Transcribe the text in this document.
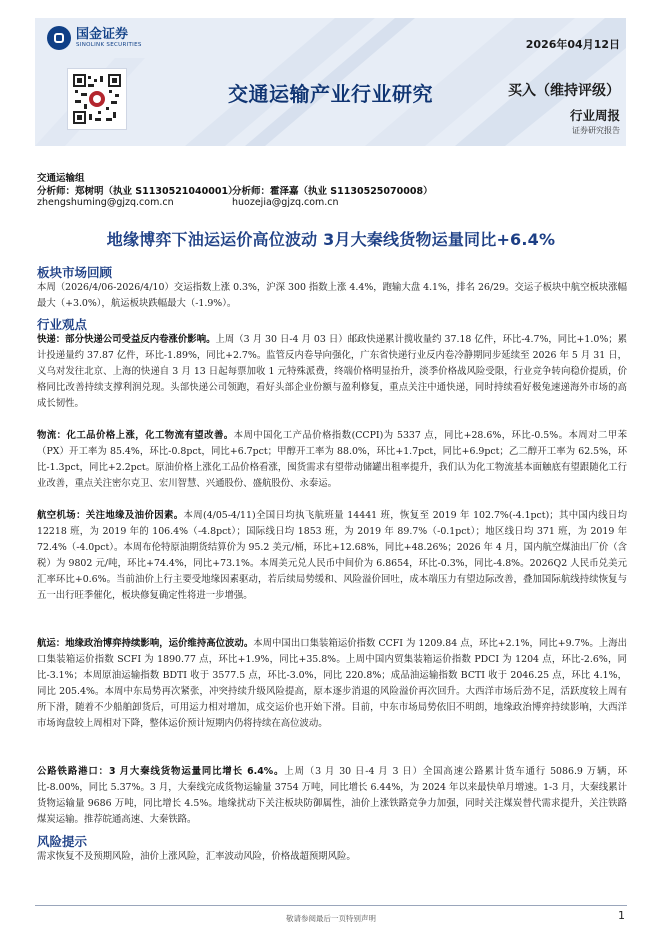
国金证券
SINOLINK SECURITIES	2026年04月12日
交通运输产业行业研究	买入（维持评级）
行业周报
证券研究报告
交通运输组
分析师：郑树明（执业 S1130521040001）
分析师：霍泽嘉（执业 S1130525070008）
zhengshuming@gjzq.com.cn	huozejia@gjzq.com.cn
地缘博弈下油运运价高位波动 3月大秦线货物运量同比+6.4%
板块市场回顾

本周（2026/4/06-2026/4/10）交运指数上涨 0.3%，沪深 300 指数上涨 4.4%，跑输大盘 4.1%，排名 26/29。交运子板块中航空板块涨幅最大（+3.0%），航运板块跌幅最大（-1.9%）。

行业观点

快递：部分快递公司受益反内卷涨价影响。上周（3 月 30 日-4 月 03 日）邮政快递累计揽收量约 37.18 亿件，环比-4.7%，同比+1.0%；累计投递量约 37.87 亿件，环比-1.89%，同比+2.7%。监管反内卷导向强化，广东省快递行业反内卷冷静期同步延续至 2026 年 5 月 31 日，义乌对发往北京、上海的快递自 3 月 13 日起每票加收 1 元特殊派费，终端价格明显抬升，淡季价格战风险受限，行业竞争转向稳价提质，价格同比改善持续支撑利润兑现。头部快递公司领跑，看好头部企业份额与盈利修复，重点关注中通快递，同时持续看好极兔速递海外市场的高成长韧性。

物流：化工品价格上涨，化工物流有望改善。本周中国化工产品价格指数(CCPI)为 5337 点，同比+28.6%，环比-0.5%。本周对二甲苯（PX）开工率为 85.4%，环比-0.8pct，同比+6.7pct；甲醇开工率为 88.0%，环比+1.7pct，同比+6.9pct；乙二醇开工率为 62.5%，环比-1.3pct，同比+2.2pct。原油价格上涨化工品价格看涨，囤货需求有望带动储罐出租率提升，我们认为化工物流基本面触底有望跟随化工行业改善，重点关注密尔克卫、宏川智慧、兴通股份、盛航股份、永泰运。

航空机场：关注地缘及油价因素。本周(4/05-4/11)全国日均执飞航班量 14441 班，恢复至 2019 年 102.7%(-4.1pct)；其中国内线日均 12218 班，为 2019 年的 106.4%（-4.8pct）；国际线日均 1853 班，为 2019 年 89.7%（-0.1pct）；地区线日均 371 班，为 2019 年 72.4%（-4.0pct）。本周布伦特原油期货结算价为 95.2 美元/桶，环比+12.68%，同比+48.26%；2026 年 4 月，国内航空煤油出厂价（含税）为 9802 元/吨，环比+74.4%，同比+73.1%。本周美元兑人民币中间价为 6.8654，环比-0.3%，同比-4.8%。2026Q2 人民币兑美元汇率环比+0.6%。当前油价上行主要受地缘因素驱动，若后续局势缓和、风险溢价回吐，成本端压力有望边际改善，叠加国际航线持续恢复与五一出行旺季催化，板块修复确定性将进一步增强。

航运：地缘政治博弈持续影响，运价维持高位波动。本周中国出口集装箱运价指数 CCFI 为 1209.84 点，环比+2.1%，同比+9.7%。上海出口集装箱运价指数 SCFI 为 1890.77 点，环比+1.9%，同比+35.8%。上周中国内贸集装箱运价指数 PDCI 为 1204 点，环比-2.6%，同比-3.1%；本周原油运输指数 BDTI 收于 3577.5 点，环比-3.0%，同比 220.8%；成品油运输指数 BCTI 收于 2046.25 点，环比 4.1%，同比 205.4%。本周中东局势再次紧张，冲突持续升级风险提高，原本逐步消退的风险溢价再次回升。大西洋市场后劲不足，活跃度较上周有所下滑，随着不少船舶卸货后，可用运力相对增加，成交运价也开始下滑。目前，中东市场局势依旧不明朗，地缘政治博弈持续影响，大西洋市场询盘较上周相对下降，整体运价预计短期内仍将持续在高位波动。

公路铁路港口：3 月大秦线货物运量同比增长 6.4%。上周（3 月 30 日-4 月 3 日）全国高速公路累计货车通行 5086.9 万辆，环比-8.00%，同比 5.37%。3 月，大秦线完成货物运输量 3754 万吨，同比增长 6.44%，为 2024 年以来最快单月增速。1-3 月，大秦线累计货物运输量 9686 万吨，同比增长 4.5%。地缘扰动下关注板块防御属性，油价上涨铁路竞争力加强，同时关注煤炭替代需求提升，关注铁路煤炭运输。推荐皖通高速、大秦铁路。

风险提示

需求恢复不及预期风险，油价上涨风险，汇率波动风险，价格战超预期风险。

敬请参阅最后一页特别声明	1
